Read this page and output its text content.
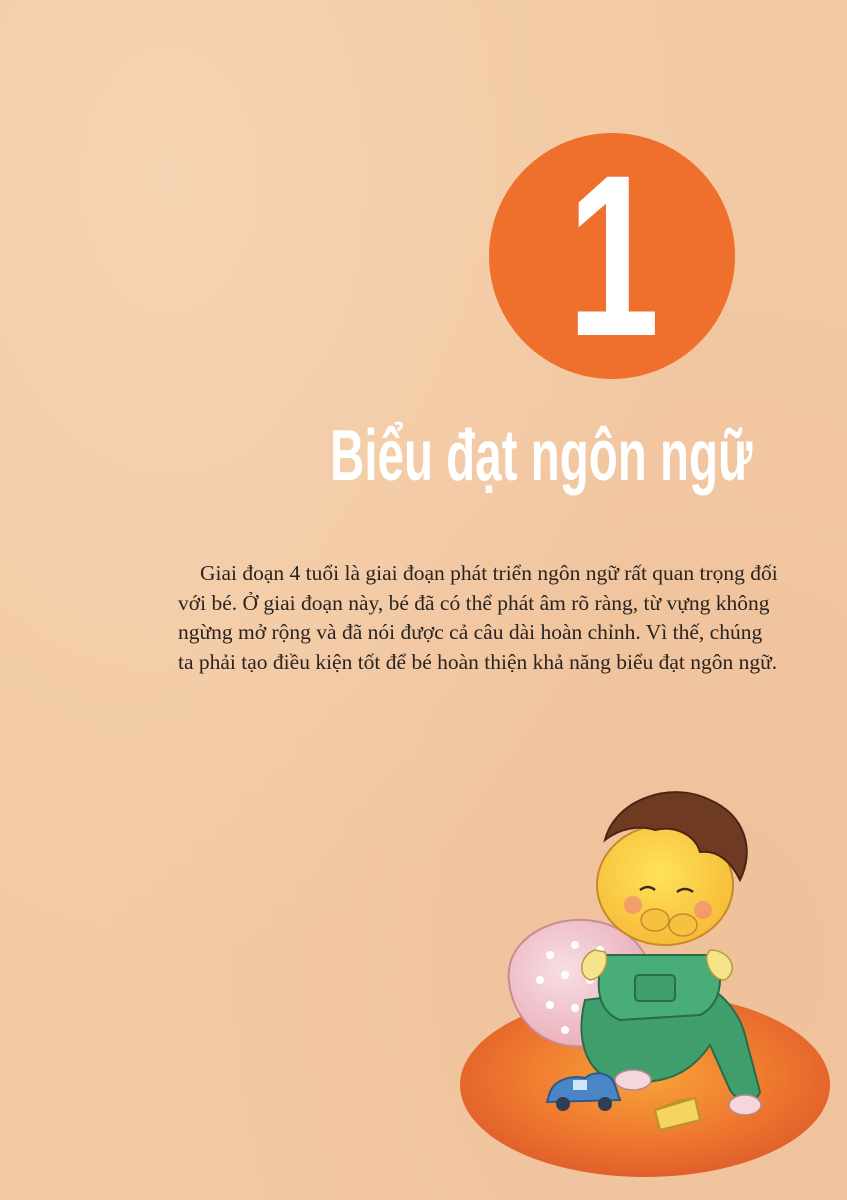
1
Biểu đạt ngôn ngữ

Giai đoạn 4 tuổi là giai đoạn phát triển ngôn ngữ rất quan trọng đối với bé. Ở giai đoạn này, bé đã có thể phát âm rõ ràng, từ vựng không ngừng mở rộng và đã nói được cả câu dài hoàn chỉnh. Vì thế, chúng ta phải tạo điều kiện tốt để bé hoàn thiện khả năng biểu đạt ngôn ngữ.
